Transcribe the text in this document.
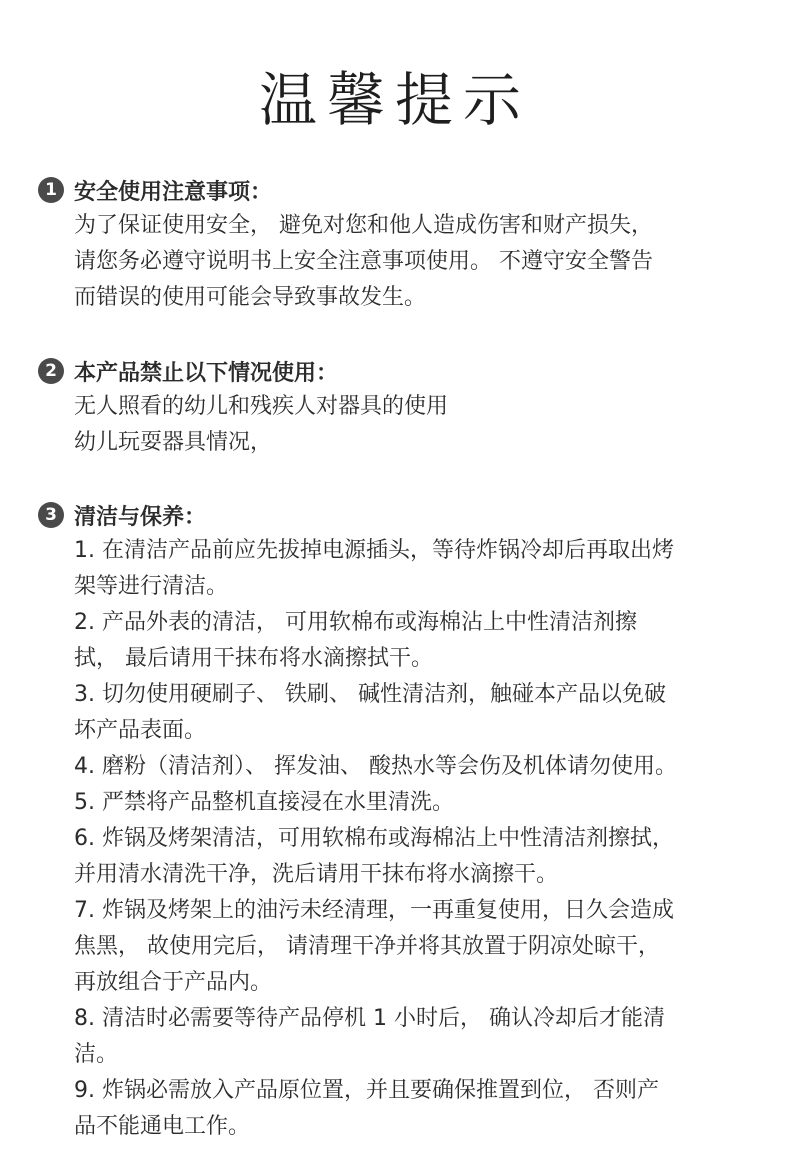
温馨提示
1 安全使用注意事项：
为了保证使用安全， 避免对您和他人造成伤害和财产损失，
请您务必遵守说明书上安全注意事项使用。 不遵守安全警告
而错误的使用可能会导致事故发生。
2 本产品禁止以下情况使用：
无人照看的幼儿和残疾人对器具的使用
幼儿玩耍器具情况，
3 清洁与保养：
1. 在清洁产品前应先拔掉电源插头，等待炸锅冷却后再取出烤
架等进行清洁。
2. 产品外表的清洁， 可用软棉布或海棉沾上中性清洁剂擦
拭， 最后请用干抹布将水滴擦拭干。
3. 切勿使用硬刷子、 铁刷、 碱性清洁剂，触碰本产品以免破
坏产品表面。
4. 磨粉（清洁剂）、 挥发油、 酸热水等会伤及机体请勿使用。
5. 严禁将产品整机直接浸在水里清洗。
6. 炸锅及烤架清洁，可用软棉布或海棉沾上中性清洁剂擦拭，
并用清水清洗干净，洗后请用干抹布将水滴擦干。
7. 炸锅及烤架上的油污未经清理，一再重复使用，日久会造成
焦黑， 故使用完后， 请清理干净并将其放置于阴凉处晾干，
再放组合于产品内。
8. 清洁时必需要等待产品停机 1 小时后， 确认冷却后才能清
洁。
9. 炸锅必需放入产品原位置，并且要确保推置到位， 否则产
品不能通电工作。
